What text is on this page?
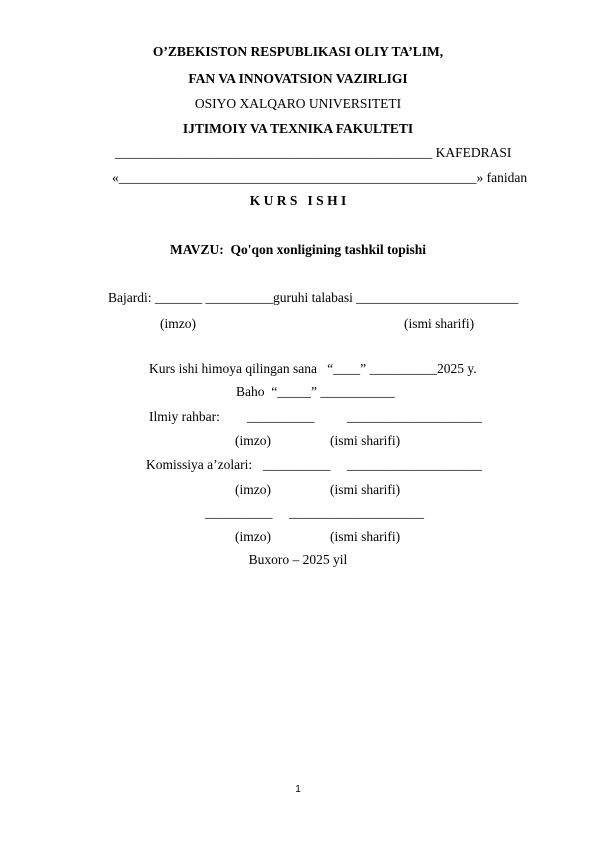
O’ZBEKISTON RESPUBLIKASI OLIY TA’LIM,
FAN VA INNOVATSION VAZIRLIGI
OSIYO XALQARO UNIVERSITETI
IJTIMOIY VA TEXNIKA FAKULTETI
_______________________________________________ KAFEDRASI
«_____________________________________________________» fanidan
K U R S   I S H I
MAVZU:  Qo'qon xonligining tashkil topishi
Bajardi: _______ __________guruhi talabasi ________________________
(imzo)	(ismi sharifi)
Kurs ishi himoya qilingan sana   “____” __________2025 y.
Baho  “_____” ___________
Ilmiy rahbar: __________ ____________________
(imzo)	(ismi sharifi)
Komissiya a’zolari: __________ ____________________
(imzo)	(ismi sharifi)
__________ ____________________
(imzo)	(ismi sharifi)
Buxoro – 2025 yil
1
